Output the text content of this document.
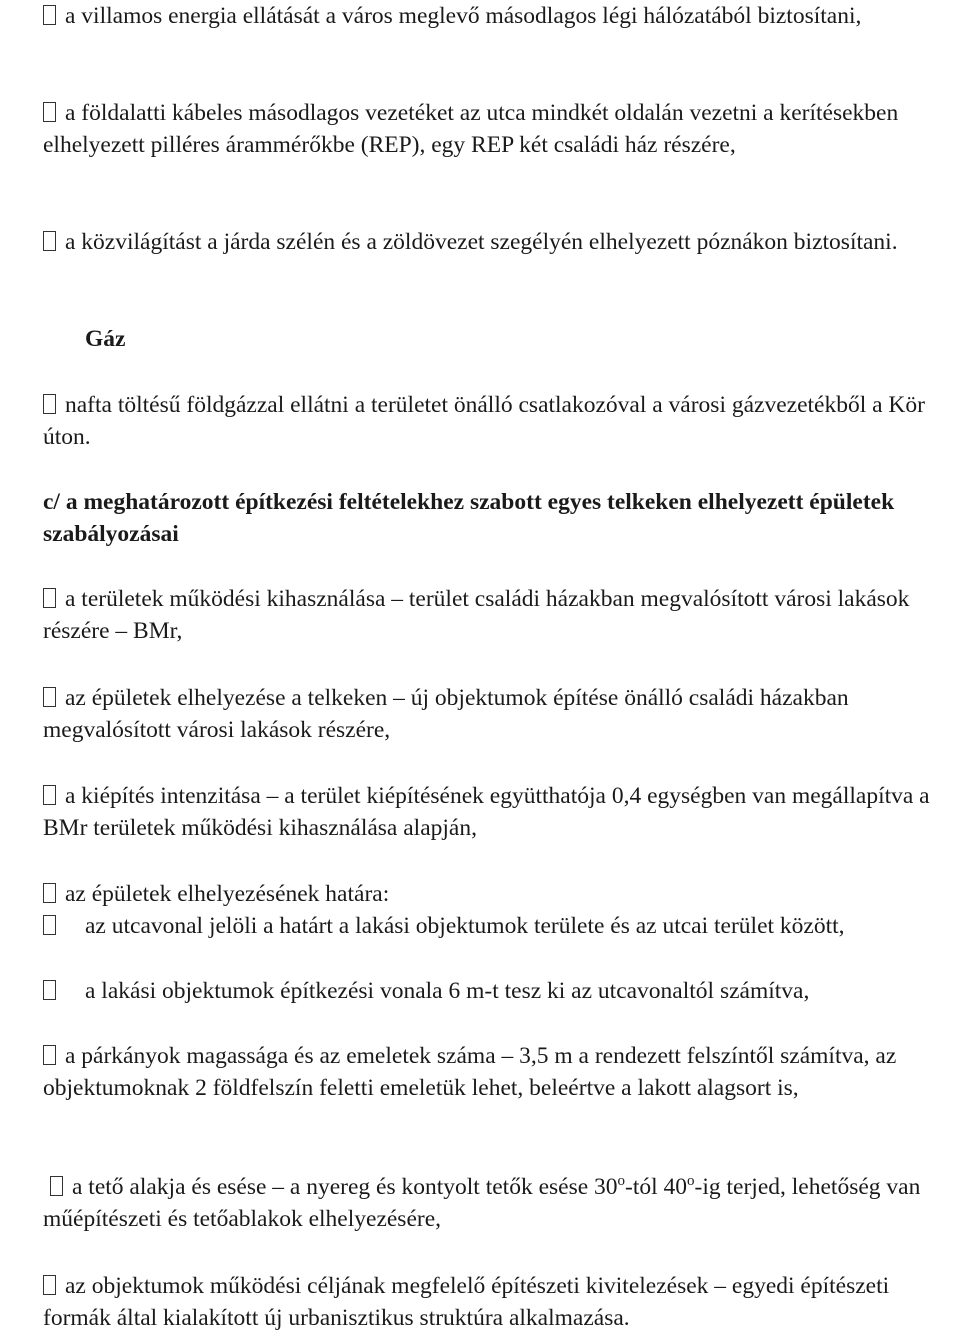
a villamos energia ellátását a város meglevő másodlagos légi hálózatából biztosítani,
a földalatti kábeles másodlagos vezetéket az utca mindkét oldalán vezetni a kerítésekben elhelyezett pilléres árammérőkbe (REP), egy REP két családi ház részére,
a közvilágítást a járda szélén és a zöldövezet szegélyén elhelyezett póznákon biztosítani.
Gáz
nafta töltésű földgázzal ellátni a területet önálló csatlakozóval a városi gázvezetékből a Kör úton.
c/ a meghatározott építkezési feltételekhez szabott egyes telkeken elhelyezett épületek szabályozásai
a területek működési kihasználása – terület családi házakban megvalósított városi lakások részére – BMr,
az épületek elhelyezése a telkeken – új objektumok építése önálló családi házakban megvalósított városi lakások részére,
a kiépítés intenzitása – a terület kiépítésének együtthatója 0,4 egységben van megállapítva a BMr területek működési kihasználása alapján,
az épületek elhelyezésének határa:
az utcavonal jelöli a határt a lakási objektumok területe és az utcai terület között,
a lakási objektumok építkezési vonala 6 m-t tesz ki az utcavonaltól számítva,
a párkányok magassága és az emeletek száma – 3,5 m a rendezett felszíntől számítva, az objektumoknak 2 földfelszín feletti emeletük lehet, beleértve a lakott alagsort is,
a tető alakja és esése – a nyereg és kontyolt tetők esése 30$^o$-tól 40$^o$-ig terjed, lehetőség van műépítészeti és tetőablakok elhelyezésére,
az objektumok működési céljának megfelelő építészeti kivitelezések – egyedi építészeti formák által kialakított új urbanisztikus struktúra alkalmazása.
